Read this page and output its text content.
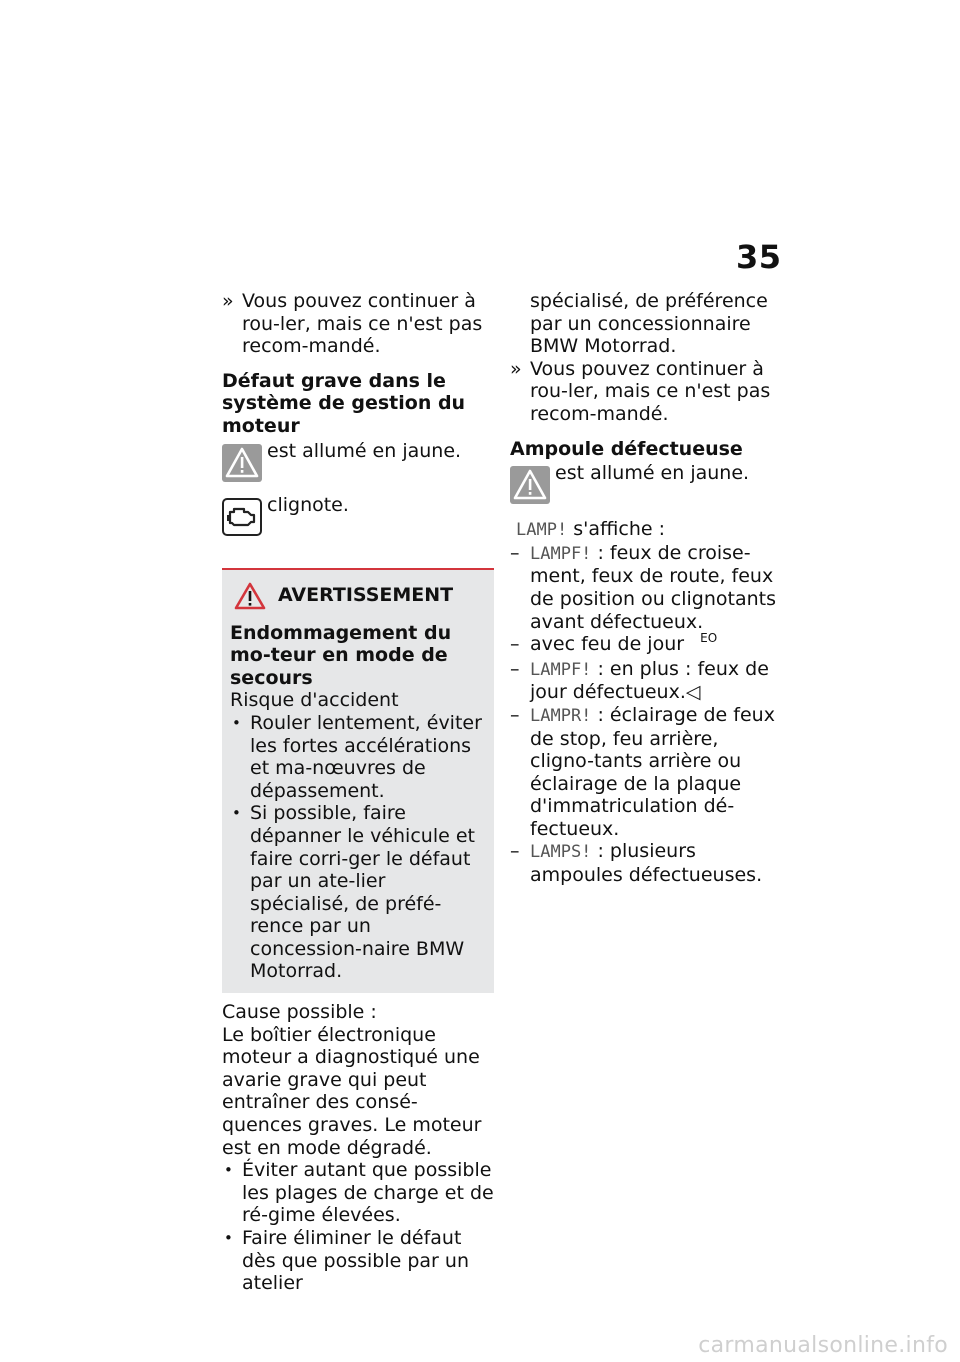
35

» Vous pouvez continuer à rou-ler, mais ce n'est pas recom-mandé.

Défaut grave dans le système de gestion du moteur

est allumé en jaune.

clignote.

AVERTISSEMENT

Endommagement du mo-teur en mode de secours

Risque d'accident

• Rouler lentement, éviter les fortes accélérations et ma-nœuvres de dépassement.

• Si possible, faire dépanner le véhicule et faire corri-ger le défaut par un ate-lier spécialisé, de préfé-rence par un concession-naire BMW Motorrad.

Cause possible :

Le boîtier électronique moteur a diagnostiqué une avarie grave qui peut entraîner des consé-quences graves. Le moteur est en mode dégradé.

• Éviter autant que possible les plages de charge et de ré-gime élevées.

• Faire éliminer le défaut dès que possible par un atelier

spécialisé, de préférence par un concessionnaire BMW Motorrad.

» Vous pouvez continuer à rou-ler, mais ce n'est pas recom-mandé.

Ampoule défectueuse

est allumé en jaune.

LAMP! s'affiche :

– LAMPF! : feux de croise-ment, feux de route, feux de position ou clignotants avant défectueux.

– avec feu de jour $^{EO}$

– LAMPF! : en plus : feux de jour défectueux.◁

– LAMPR! : éclairage de feux de stop, feu arrière, cligno-tants arrière ou éclairage de la plaque d'immatriculation dé-fectueux.

– LAMPS! : plusieurs ampoules défectueuses.

carmanualsonline.info
